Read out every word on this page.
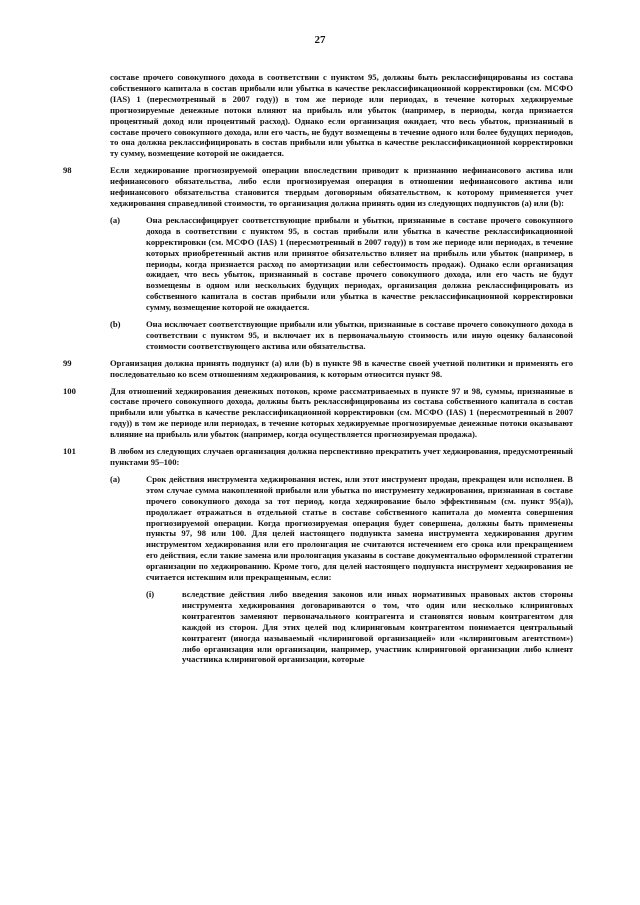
27

составе прочего совокупного дохода в соответствии с пунктом 95, должны быть реклассифицированы из состава собственного капитала в состав прибыли или убытка в качестве реклассификационной корректировки (см. МСФО (IAS) 1 (пересмотренный в 2007 году)) в том же периоде или периодах, в течение которых хеджируемые прогнозируемые денежные потоки влияют на прибыль или убыток (например, в периоды, когда признается процентный доход или процентный расход). Однако если организация ожидает, что весь убыток, признанный в составе прочего совокупного дохода, или его часть, не будут возмещены в течение одного или более будущих периодов, то она должна реклассифицировать в состав прибыли или убытка в качестве реклассификационной корректировки ту сумму, возмещение которой не ожидается.

98	Если хеджирование прогнозируемой операции впоследствии приводит к признанию нефинансового актива или нефинансового обязательства, либо если прогнозируемая операция в отношении нефинансового актива или нефинансового обязательства становится твердым договорным обязательством, к которому применяется учет хеджирования справедливой стоимости, то организация должна принять один из следующих подпунктов (a) или (b):

(a)	Она реклассифицирует соответствующие прибыли и убытки, признанные в составе прочего совокупного дохода в соответствии с пунктом 95, в состав прибыли или убытка в качестве реклассификационной корректировки (см. МСФО (IAS) 1 (пересмотренный в 2007 году)) в том же периоде или периодах, в течение которых приобретенный актив или принятое обязательство влияет на прибыль или убыток (например, в периоды, когда признается расход по амортизации или себестоимость продаж). Однако если организация ожидает, что весь убыток, признанный в составе прочего совокупного дохода, или его часть не будут возмещены в одном или нескольких будущих периодах, организация должна реклассифицировать из собственного капитала в состав прибыли или убытка в качестве реклассификационной корректировки сумму, возмещение которой не ожидается.

(b)	Она исключает соответствующие прибыли или убытки, признанные в составе прочего совокупного дохода в соответствии с пунктом 95, и включает их в первоначальную стоимость или иную оценку балансовой стоимости соответствующего актива или обязательства.

99	Организация должна принять подпункт (a) или (b) в пункте 98 в качестве своей учетной политики и применять его последовательно ко всем отношениям хеджирования, к которым относится пункт 98.

100	Для отношений хеджирования денежных потоков, кроме рассматриваемых в пункте 97 и 98, суммы, признанные в составе прочего совокупного дохода, должны быть реклассифицированы из состава собственного капитала в состав прибыли или убытка в качестве реклассификационной корректировки (см. МСФО (IAS) 1 (пересмотренный в 2007 году)) в том же периоде или периодах, в течение которых хеджируемые прогнозируемые денежные потоки оказывают влияние на прибыль или убыток (например, когда осуществляется прогнозируемая продажа).

101	В любом из следующих случаев организация должна перспективно прекратить учет хеджирования, предусмотренный пунктами 95–100:

(a)	Срок действия инструмента хеджирования истек, или этот инструмент продан, прекращен или исполнен. В этом случае сумма накопленной прибыли или убытка по инструменту хеджирования, признанная в составе прочего совокупного дохода за тот период, когда хеджирование было эффективным (см. пункт 95(a)), продолжает отражаться в отдельной статье в составе собственного капитала до момента совершения прогнозируемой операции. Когда прогнозируемая операция будет совершена, должны быть применены пункты 97, 98 или 100. Для целей настоящего подпункта замена инструмента хеджирования другим инструментом хеджирования или его пролонгация не считаются истечением его срока или прекращением его действия, если такие замена или пролонгация указаны в составе документально оформленной стратегии организации по хеджированию. Кроме того, для целей настоящего подпункта инструмент хеджирования не считается истекшим или прекращенным, если:

(i)	вследствие действия либо введения законов или иных нормативных правовых актов стороны инструмента хеджирования договариваются о том, что один или несколько клиринговых контрагентов заменяют первоначального контрагента и становятся новым контрагентом для каждой из сторон. Для этих целей под клиринговым контрагентом понимается центральный контрагент (иногда называемый «клиринговой организацией» или «клиринговым агентством») либо организация или организации, например, участник клиринговой организации либо клиент участника клиринговой организации, которые
